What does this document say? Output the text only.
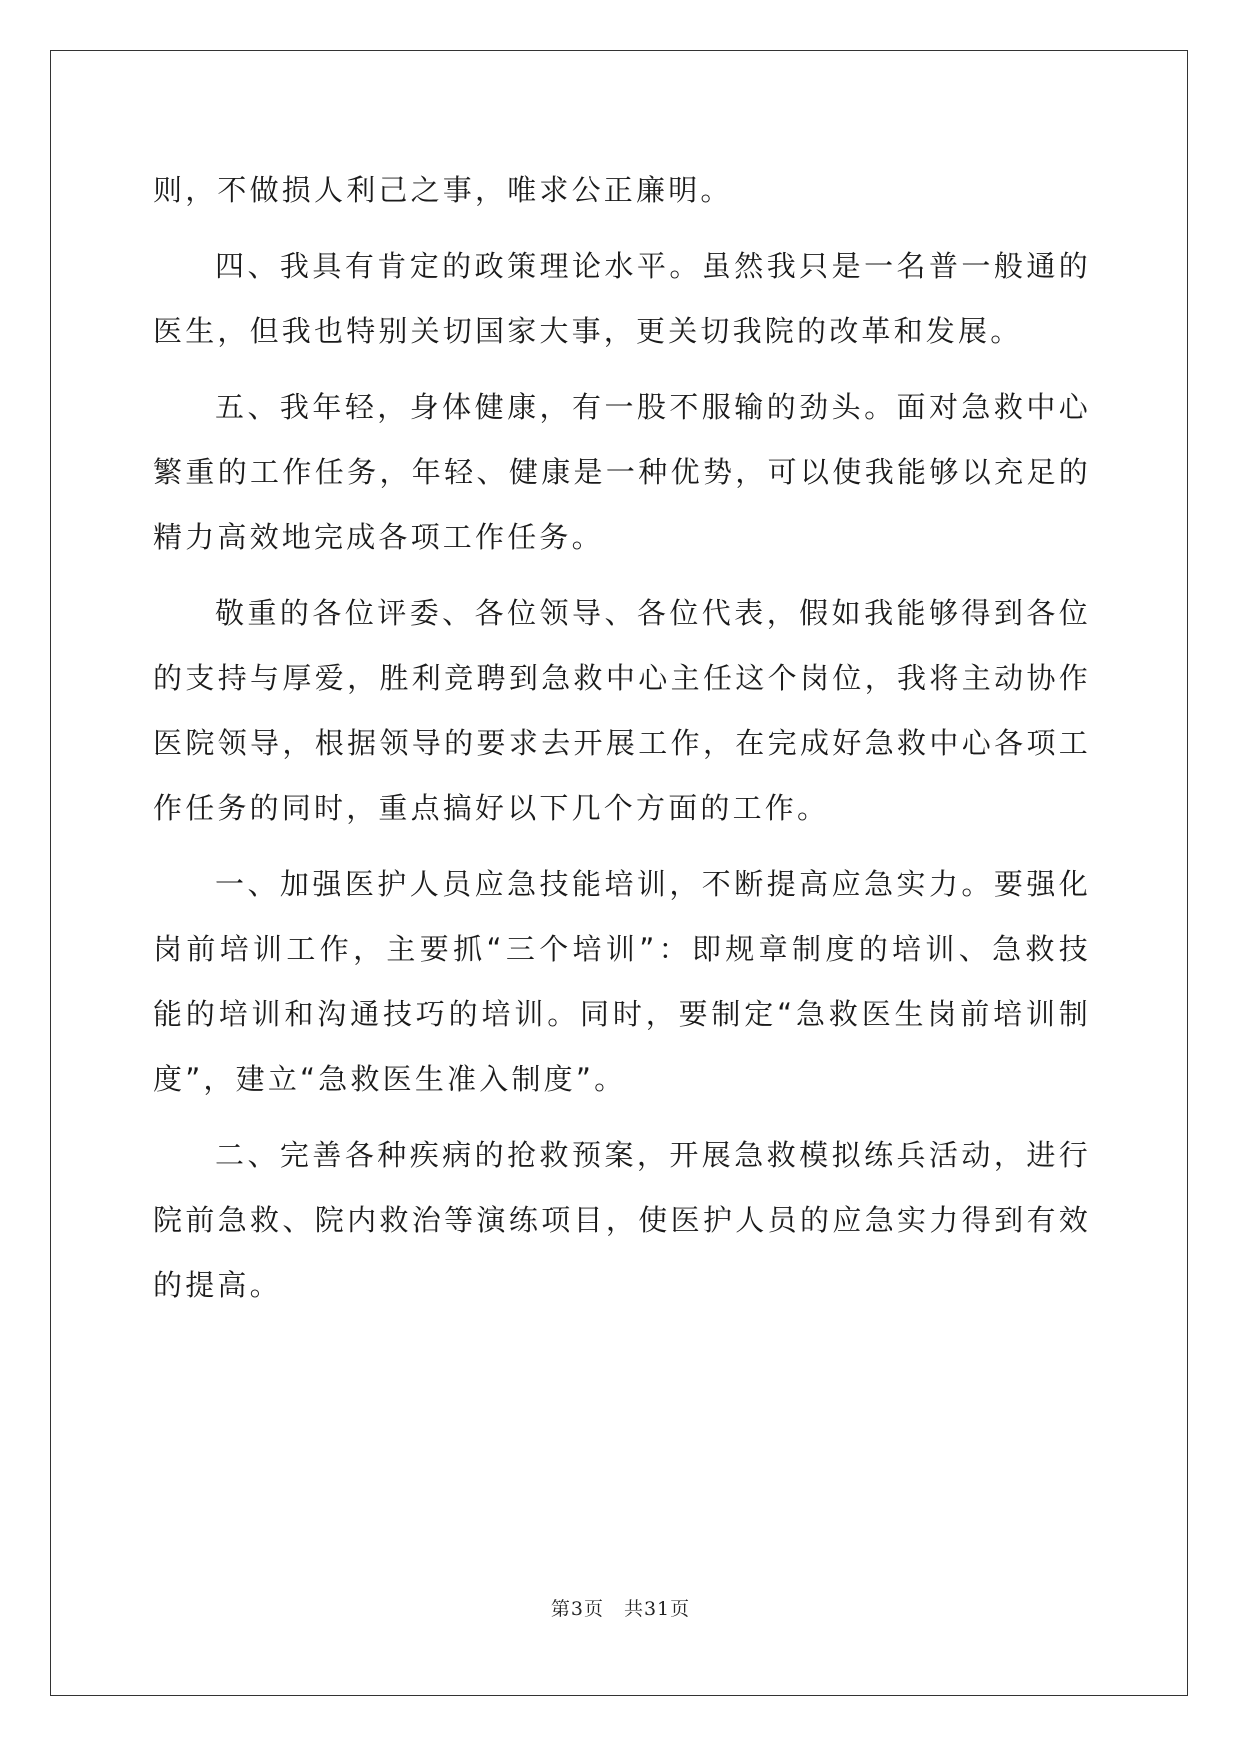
则，不做损人利己之事，唯求公正廉明。

四、我具有肯定的政策理论水平。虽然我只是一名普一般通的医生，但我也特别关切国家大事，更关切我院的改革和发展。

五、我年轻，身体健康，有一股不服输的劲头。面对急救中心繁重的工作任务，年轻、健康是一种优势，可以使我能够以充足的精力高效地完成各项工作任务。

敬重的各位评委、各位领导、各位代表，假如我能够得到各位的支持与厚爱，胜利竞聘到急救中心主任这个岗位，我将主动协作医院领导，根据领导的要求去开展工作，在完成好急救中心各项工作任务的同时，重点搞好以下几个方面的工作。

一、加强医护人员应急技能培训，不断提高应急实力。要强化岗前培训工作，主要抓“三个培训”：即规章制度的培训、急救技能的培训和沟通技巧的培训。同时，要制定“急救医生岗前培训制度”，建立“急救医生准入制度”。

二、完善各种疾病的抢救预案，开展急救模拟练兵活动，进行院前急救、院内救治等演练项目，使医护人员的应急实力得到有效的提高。

第3页　共31页
